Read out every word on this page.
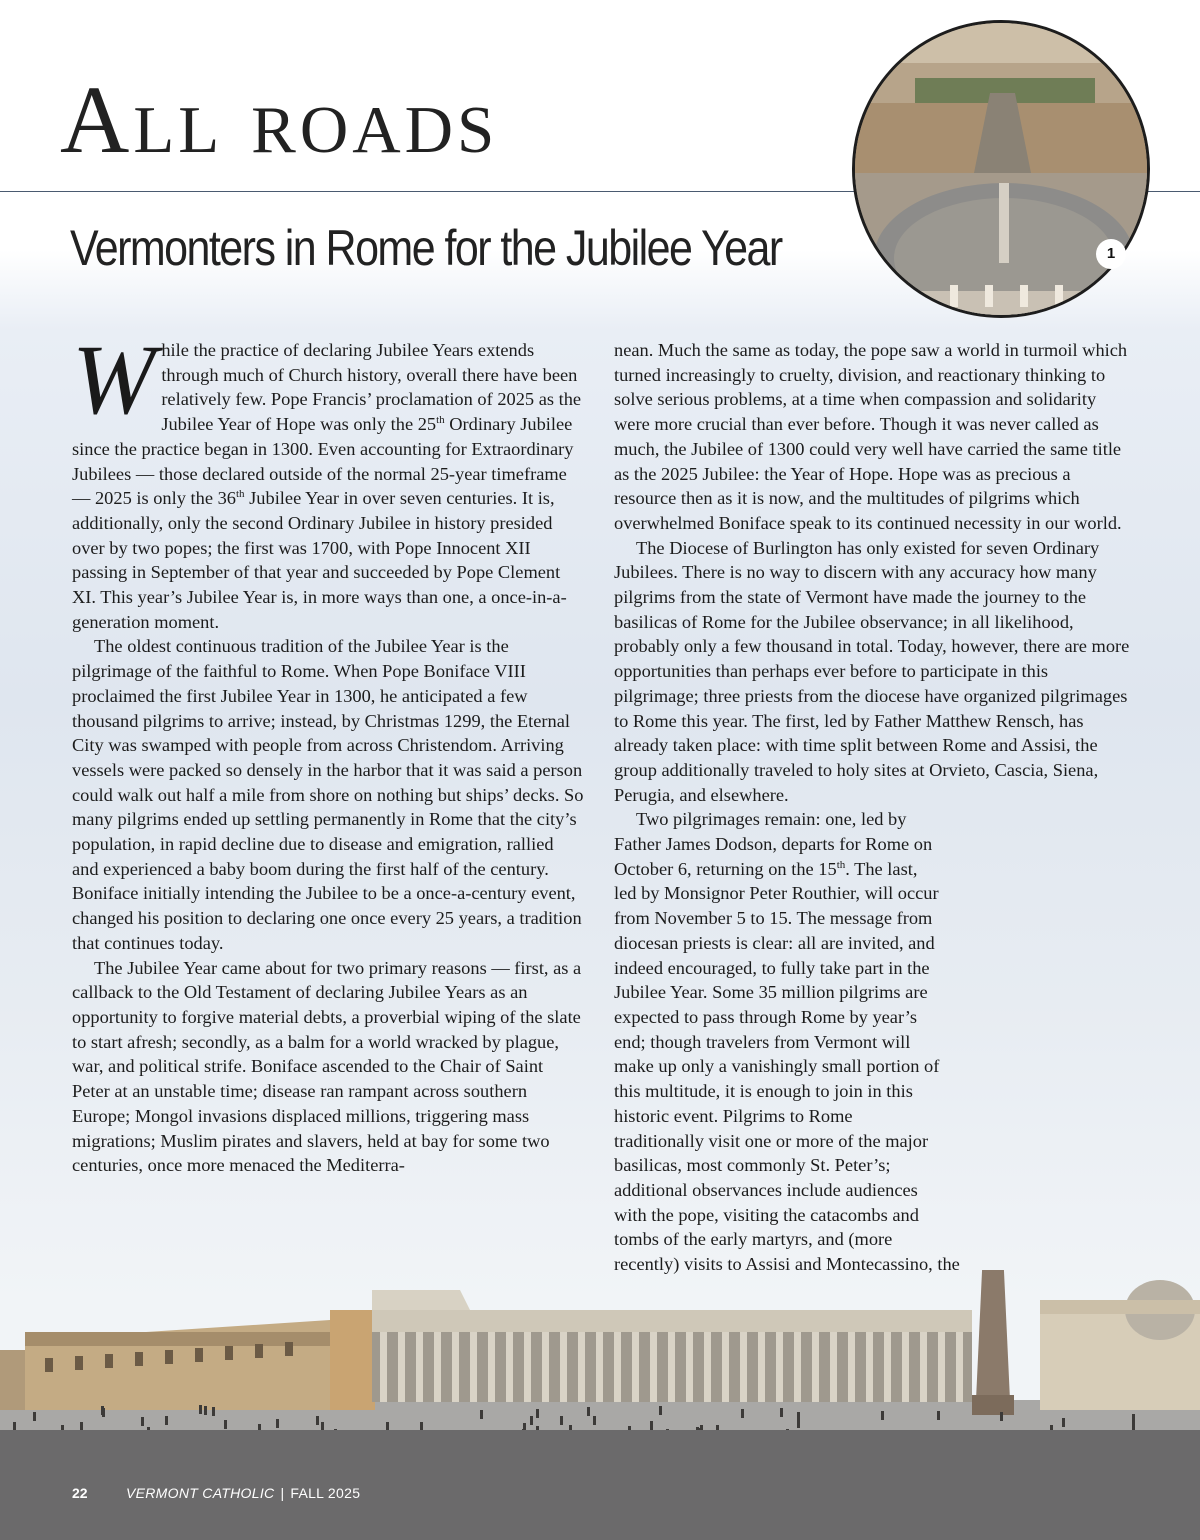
All roads
Vermonters in Rome for the Jubilee Year	1

While the practice of declaring Jubilee Years extends through much of Church history, overall there have been relatively few. Pope Francis’ proclamation of 2025 as the Jubilee Year of Hope was only the 25th Ordinary Jubilee since the practice began in 1300. Even accounting for Extraordinary Jubilees — those declared outside of the normal 25-year timeframe — 2025 is only the 36th Jubilee Year in over seven centuries. It is, additionally, only the second Ordinary Jubilee in history presided over by two popes; the first was 1700, with Pope Innocent XII passing in September of that year and succeeded by Pope Clement XI. This year’s Jubilee Year is, in more ways than one, a once-in-a-generation moment.

The oldest continuous tradition of the Jubilee Year is the pilgrimage of the faithful to Rome. When Pope Boniface VIII proclaimed the first Jubilee Year in 1300, he anticipated a few thousand pilgrims to arrive; instead, by Christmas 1299, the Eternal City was swamped with people from across Christendom. Arriving vessels were packed so densely in the harbor that it was said a person could walk out half a mile from shore on nothing but ships’ decks. So many pilgrims ended up settling permanently in Rome that the city’s population, in rapid decline due to disease and emigration, rallied and experienced a baby boom during the first half of the century. Boniface initially intending the Jubilee to be a once-a-century event, changed his position to declaring one once every 25 years, a tradition that continues today.

The Jubilee Year came about for two primary reasons — first, as a callback to the Old Testament of declaring Jubilee Years as an opportunity to forgive material debts, a proverbial wiping of the slate to start afresh; secondly, as a balm for a world wracked by plague, war, and political strife. Boniface ascended to the Chair of Saint Peter at an unstable time; disease ran rampant across southern Europe; Mongol invasions displaced millions, triggering mass migrations; Muslim pirates and slavers, held at bay for some two centuries, once more menaced the Mediterra-

nean. Much the same as today, the pope saw a world in turmoil which turned increasingly to cruelty, division, and reactionary thinking to solve serious problems, at a time when compassion and solidarity were more crucial than ever before. Though it was never called as much, the Jubilee of 1300 could very well have carried the same title as the 2025 Jubilee: the Year of Hope. Hope was as precious a resource then as it is now, and the multitudes of pilgrims which overwhelmed Boniface speak to its continued necessity in our world.

The Diocese of Burlington has only existed for seven Ordinary Jubilees. There is no way to discern with any accuracy how many pilgrims from the state of Vermont have made the journey to the basilicas of Rome for the Jubilee observance; in all likelihood, probably only a few thousand in total. Today, however, there are more opportunities than perhaps ever before to participate in this pilgrimage; three priests from the diocese have organized pilgrimages to Rome this year. The first, led by Father Matthew Rensch, has already taken place: with time split between Rome and Assisi, the group additionally traveled to holy sites at Orvieto, Cascia, Siena, Perugia, and elsewhere.

Two pilgrimages remain: one, led by Father James Dodson, departs for Rome on October 6, returning on the 15th. The last, led by Monsignor Peter Routhier, will occur from November 5 to 15. The message from diocesan priests is clear: all are invited, and indeed encouraged, to fully take part in the Jubilee Year. Some 35 million pilgrims are expected to pass through Rome by year’s end; though travelers from Vermont will make up only a vanishingly small portion of this multitude, it is enough to join in this historic event. Pilgrims to Rome traditionally visit one or more of the major basilicas, most commonly St. Peter’s; additional observances include audiences with the pope, visiting the catacombs and tombs of the early martyrs, and (more recently) visits to Assisi and Montecassino, the

22	VERMONT CATHOLIC | FALL 2025
